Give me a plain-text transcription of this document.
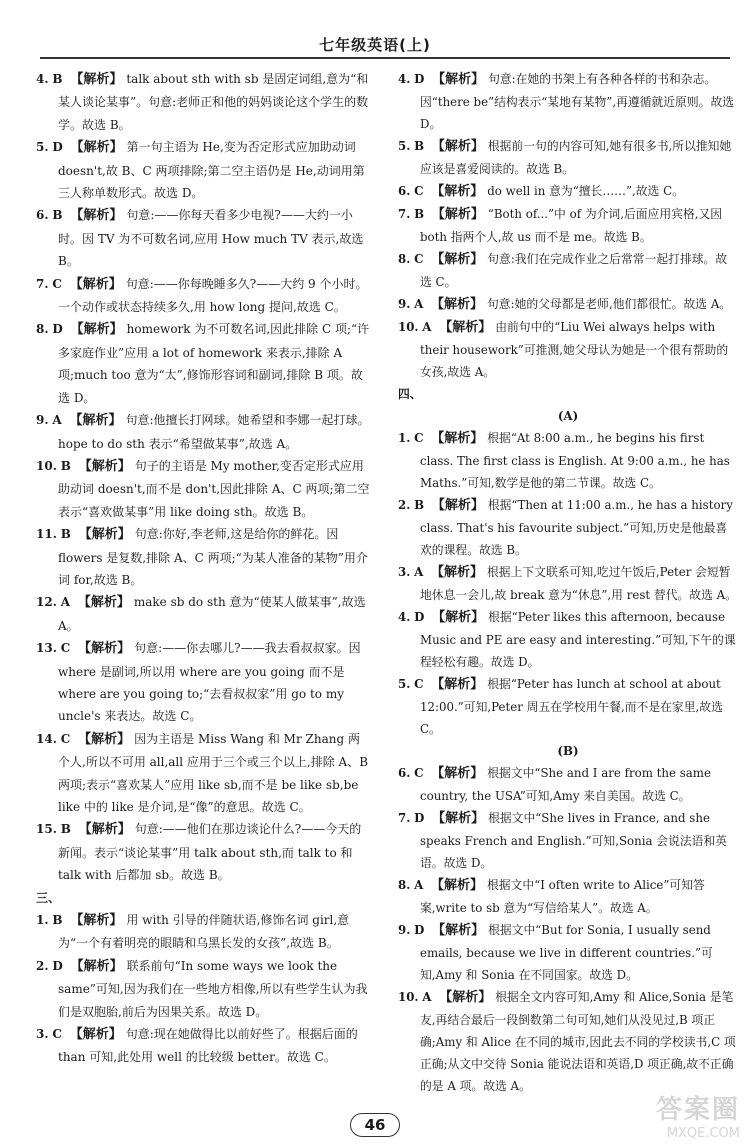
七年级英语(上)
4. B 【解析】 talk about sth with sb 是固定词组,意为“和某人谈论某事”。句意:老师正和他的妈妈谈论这个学生的数学。故选 B。
5. D 【解析】 第一句主语为 He,变为否定形式应加助动词 doesn't,故 B、C 两项排除;第二空主语仍是 He,动词用第三人称单数形式。故选 D。
6. B 【解析】 句意:——你每天看多少电视?——大约一小时。因 TV 为不可数名词,应用 How much TV 表示,故选 B。
7. C 【解析】 句意:——你每晚睡多久?——大约 9 个小时。一个动作或状态持续多久,用 how long 提问,故选 C。
8. D 【解析】 homework 为不可数名词,因此排除 C 项;“许多家庭作业”应用 a lot of homework 来表示,排除 A 项;much too 意为“太”,修饰形容词和副词,排除 B 项。故选 D。
9. A 【解析】 句意:他擅长打网球。她希望和李娜一起打球。hope to do sth 表示“希望做某事”,故选 A。
10. B 【解析】 句子的主语是 My mother,变否定形式应用助动词 doesn't,而不是 don't,因此排除 A、C 两项;第二空表示“喜欢做某事”用 like doing sth。故选 B。
11. B 【解析】 句意:你好,李老师,这是给你的鲜花。因 flowers 是复数,排除 A、C 两项;“为某人准备的某物”用介词 for,故选 B。
12. A 【解析】 make sb do sth 意为“使某人做某事”,故选 A。
13. C 【解析】 句意:——你去哪儿?——我去看叔叔家。因 where 是副词,所以用 where are you going 而不是 where are you going to;“去看叔叔家”用 go to my uncle's 来表达。故选 C。
14. C 【解析】 因为主语是 Miss Wang 和 Mr Zhang 两个人,所以不可用 all,all 应用于三个或三个以上,排除 A、B 两项;表示“喜欢某人”应用 like sb,而不是 be like sb,be like 中的 like 是介词,是“像”的意思。故选 C。
15. B 【解析】 句意:——他们在那边谈论什么?——今天的新闻。表示“谈论某事”用 talk about sth,而 talk to 和 talk with 后都加 sb。故选 B。
三、
1. B 【解析】 用 with 引导的伴随状语,修饰名词 girl,意为“一个有着明亮的眼睛和乌黑长发的女孩”,故选 B。
2. D 【解析】 联系前句“In some ways we look the same”可知,因为我们在一些地方相像,所以有些学生认为我们是双胞胎,前后为因果关系。故选 D。
3. C 【解析】 句意:现在她做得比以前好些了。根据后面的 than 可知,此处用 well 的比较级 better。故选 C。
4. D 【解析】 句意:在她的书架上有各种各样的书和杂志。因“there be”结构表示“某地有某物”,再遵循就近原则。故选 D。
5. B 【解析】 根据前一句的内容可知,她有很多书,所以推知她应该是喜爱阅读的。故选 B。
6. C 【解析】 do well in 意为“擅长……”,故选 C。
7. B 【解析】 “Both of...”中 of 为介词,后面应用宾格,又因 both 指两个人,故 us 而不是 me。故选 B。
8. C 【解析】 句意:我们在完成作业之后常常一起打排球。故选 C。
9. A 【解析】 句意:她的父母都是老师,他们都很忙。故选 A。
10. A 【解析】 由前句中的“Liu Wei always helps with their housework”可推测,她父母认为她是一个很有帮助的女孩,故选 A。
四、
(A)
1. C 【解析】 根据“At 8:00 a.m., he begins his first class. The first class is English. At 9:00 a.m., he has Maths.”可知,数学是他的第二节课。故选 C。
2. B 【解析】 根据“Then at 11:00 a.m., he has a history class. That's his favourite subject.”可知,历史是他最喜欢的课程。故选 B。
3. A 【解析】 根据上下文联系可知,吃过午饭后,Peter 会短暂地休息一会儿,故 break 意为“休息”,用 rest 替代。故选 A。
4. D 【解析】 根据“Peter likes this afternoon, because Music and PE are easy and interesting.”可知,下午的课程轻松有趣。故选 D。
5. C 【解析】 根据“Peter has lunch at school at about 12:00.”可知,Peter 周五在学校用午餐,而不是在家里,故选 C。
(B)
6. C 【解析】 根据文中“She and I are from the same country, the USA”可知,Amy 来自美国。故选 C。
7. D 【解析】 根据文中“She lives in France, and she speaks French and English.”可知,Sonia 会说法语和英语。故选 D。
8. A 【解析】 根据文中“I often write to Alice”可知答案,write to sb 意为“写信给某人”。故选 A。
9. D 【解析】 根据文中“But for Sonia, I usually send emails, because we live in different countries.”可知,Amy 和 Sonia 在不同国家。故选 D。
10. A 【解析】 根据全文内容可知,Amy 和 Alice,Sonia 是笔友,再结合最后一段倒数第二句可知,她们从没见过,B 项正确;Amy 和 Alice 在不同的城市,因此去不同的学校读书,C 项正确;从文中交待 Sonia 能说法语和英语,D 项正确,故不正确的是 A 项。故选 A。
46	答案圈
MXQE.COM
